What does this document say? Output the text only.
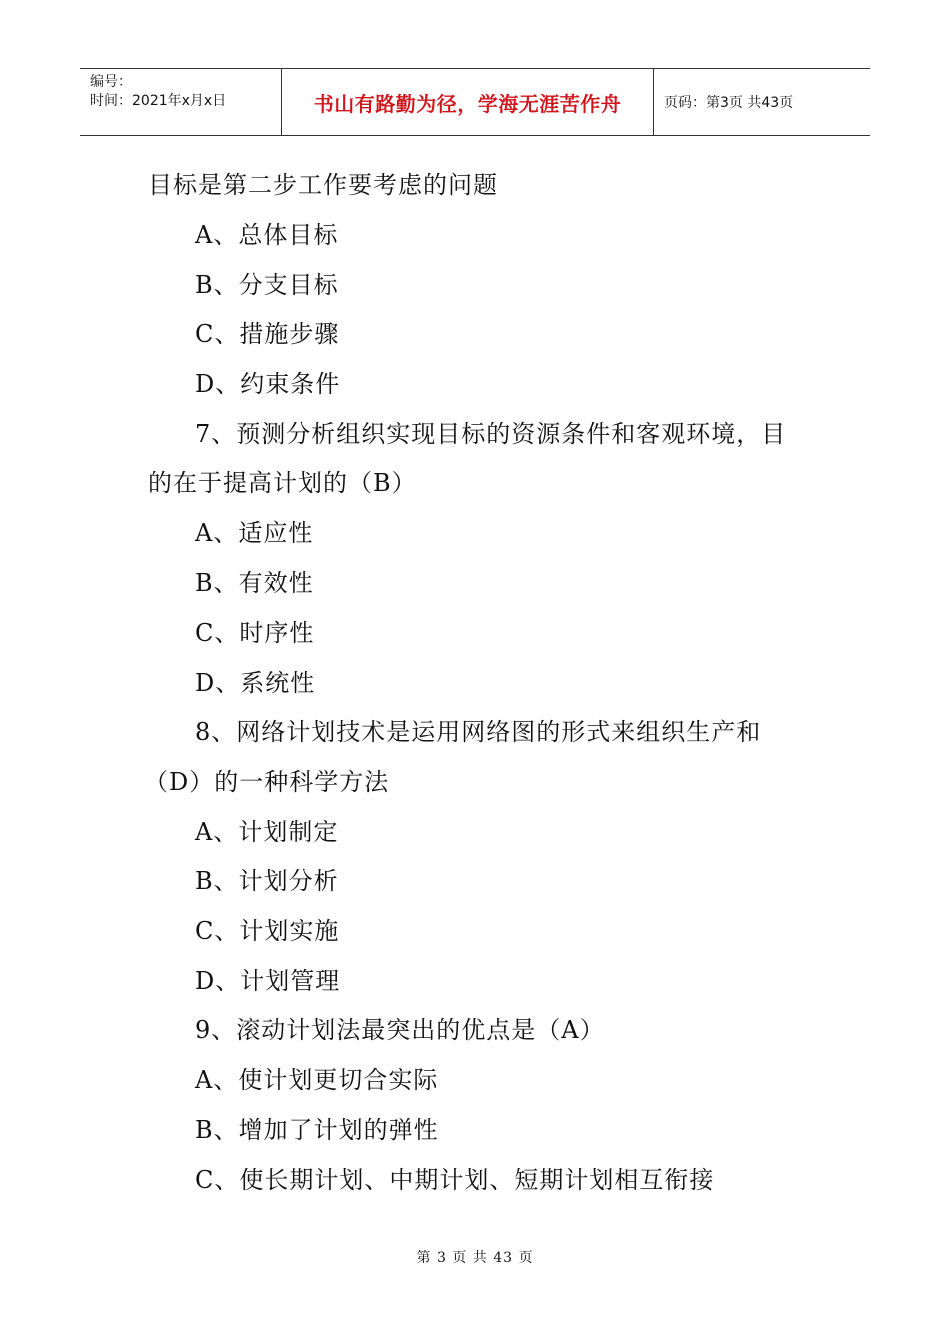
编号：
时间：2021年x月x日	书山有路勤为径，学海无涯苦作舟	页码：第3页 共43页
目标是第二步工作要考虑的问题
A、总体目标
B、分支目标
C、措施步骤
D、约束条件
7、预测分析组织实现目标的资源条件和客观环境，目
的在于提高计划的（B）
A、适应性
B、有效性
C、时序性
D、系统性
8、网络计划技术是运用网络图的形式来组织生产和
（D）的一种科学方法
A、计划制定
B、计划分析
C、计划实施
D、计划管理
9、滚动计划法最突出的优点是（A）
A、使计划更切合实际
B、增加了计划的弹性
C、使长期计划、中期计划、短期计划相互衔接
第 3 页 共 43 页
